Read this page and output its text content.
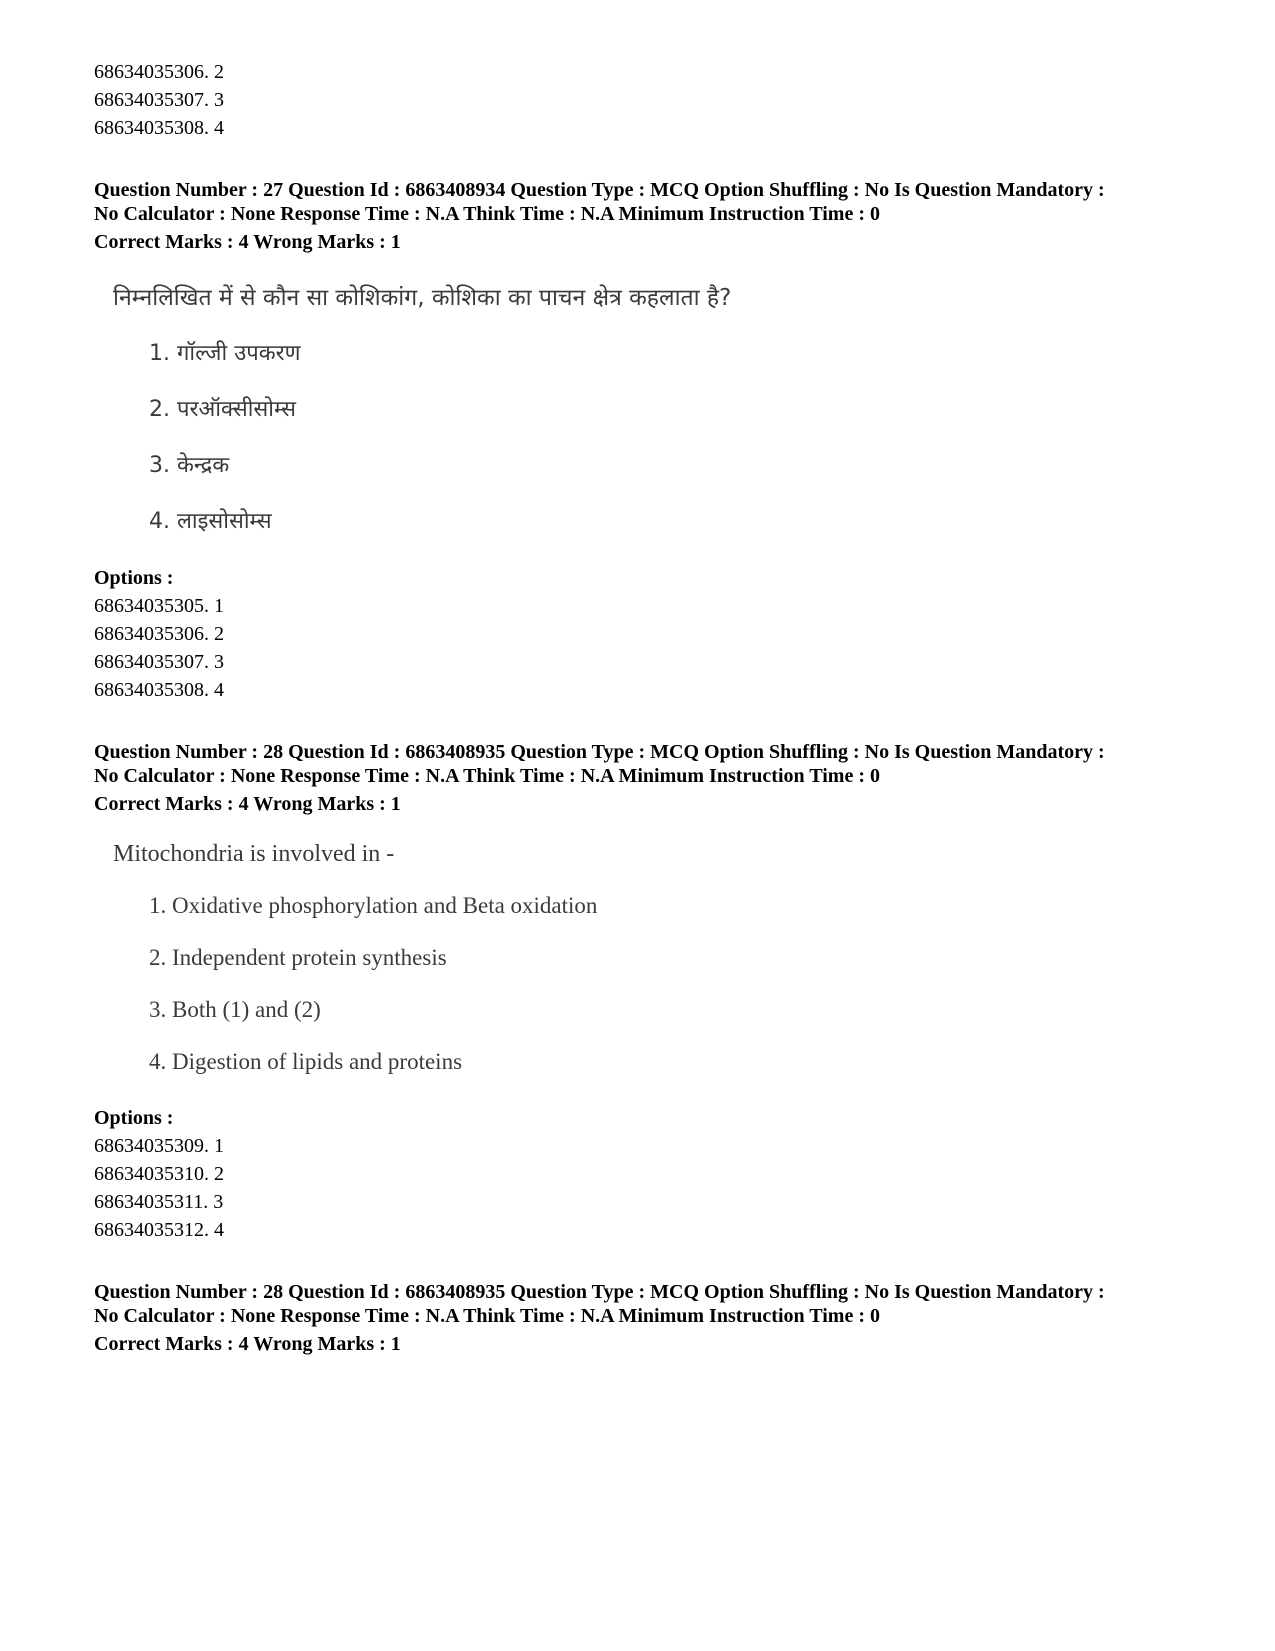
68634035306. 2
68634035307. 3
68634035308. 4
Question Number : 27 Question Id : 6863408934 Question Type : MCQ Option Shuffling : No Is Question Mandatory :
No Calculator : None Response Time : N.A Think Time : N.A Minimum Instruction Time : 0
Correct Marks : 4 Wrong Marks : 1
निम्नलिखित में से कौन सा कोशिकांग, कोशिका का पाचन क्षेत्र कहलाता है?
1. गॉल्जी उपकरण
2. परऑक्सीसोम्स
3. केन्द्रक
4. लाइसोसोम्स
Options :
68634035305. 1
68634035306. 2
68634035307. 3
68634035308. 4
Question Number : 28 Question Id : 6863408935 Question Type : MCQ Option Shuffling : No Is Question Mandatory :
No Calculator : None Response Time : N.A Think Time : N.A Minimum Instruction Time : 0
Correct Marks : 4 Wrong Marks : 1
Mitochondria is involved in -
1. Oxidative phosphorylation and Beta oxidation
2. Independent protein synthesis
3. Both (1) and (2)
4. Digestion of lipids and proteins
Options :
68634035309. 1
68634035310. 2
68634035311. 3
68634035312. 4
Question Number : 28 Question Id : 6863408935 Question Type : MCQ Option Shuffling : No Is Question Mandatory :
No Calculator : None Response Time : N.A Think Time : N.A Minimum Instruction Time : 0
Correct Marks : 4 Wrong Marks : 1
